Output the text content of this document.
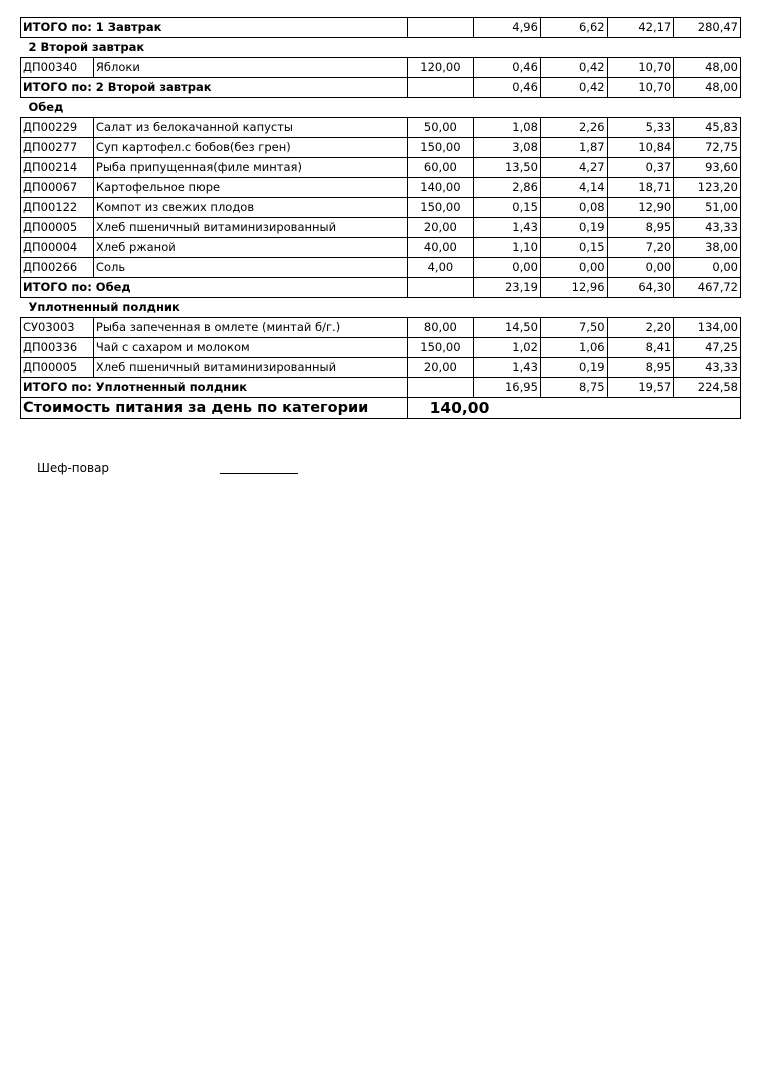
ИТОГО по: 1 Завтрак			4,96	6,62	42,17	280,47
2 Второй завтрак						
ДП00340	Яблоки	120,00	0,46	0,42	10,70	48,00
ИТОГО по: 2 Второй завтрак			0,46	0,42	10,70	48,00
Обед						
ДП00229	Салат из белокачанной капусты	50,00	1,08	2,26	5,33	45,83
ДП00277	Суп картофел.с бобов(без грен)	150,00	3,08	1,87	10,84	72,75
ДП00214	Рыба припущенная(филе минтая)	60,00	13,50	4,27	0,37	93,60
ДП00067	Картофельное пюре	140,00	2,86	4,14	18,71	123,20
ДП00122	Компот из свежих плодов	150,00	0,15	0,08	12,90	51,00
ДП00005	Хлеб пшеничный витаминизированный	20,00	1,43	0,19	8,95	43,33
ДП00004	Хлеб ржаной	40,00	1,10	0,15	7,20	38,00
ДП00266	Соль	4,00	0,00	0,00	0,00	0,00
ИТОГО по: Обед			23,19	12,96	64,30	467,72
Уплотненный полдник						
СУ03003	Рыба запеченная в омлете (минтай б/г.)	80,00	14,50	7,50	2,20	134,00
ДП00336	Чай с сахаром и молоком	150,00	1,02	1,06	8,41	47,25
ДП00005	Хлеб пшеничный витаминизированный	20,00	1,43	0,19	8,95	43,33
ИТОГО по: Уплотненный полдник			16,95	8,75	19,57	224,58
Стоимость питания за день по категории		140,00				
Шеф-повар
